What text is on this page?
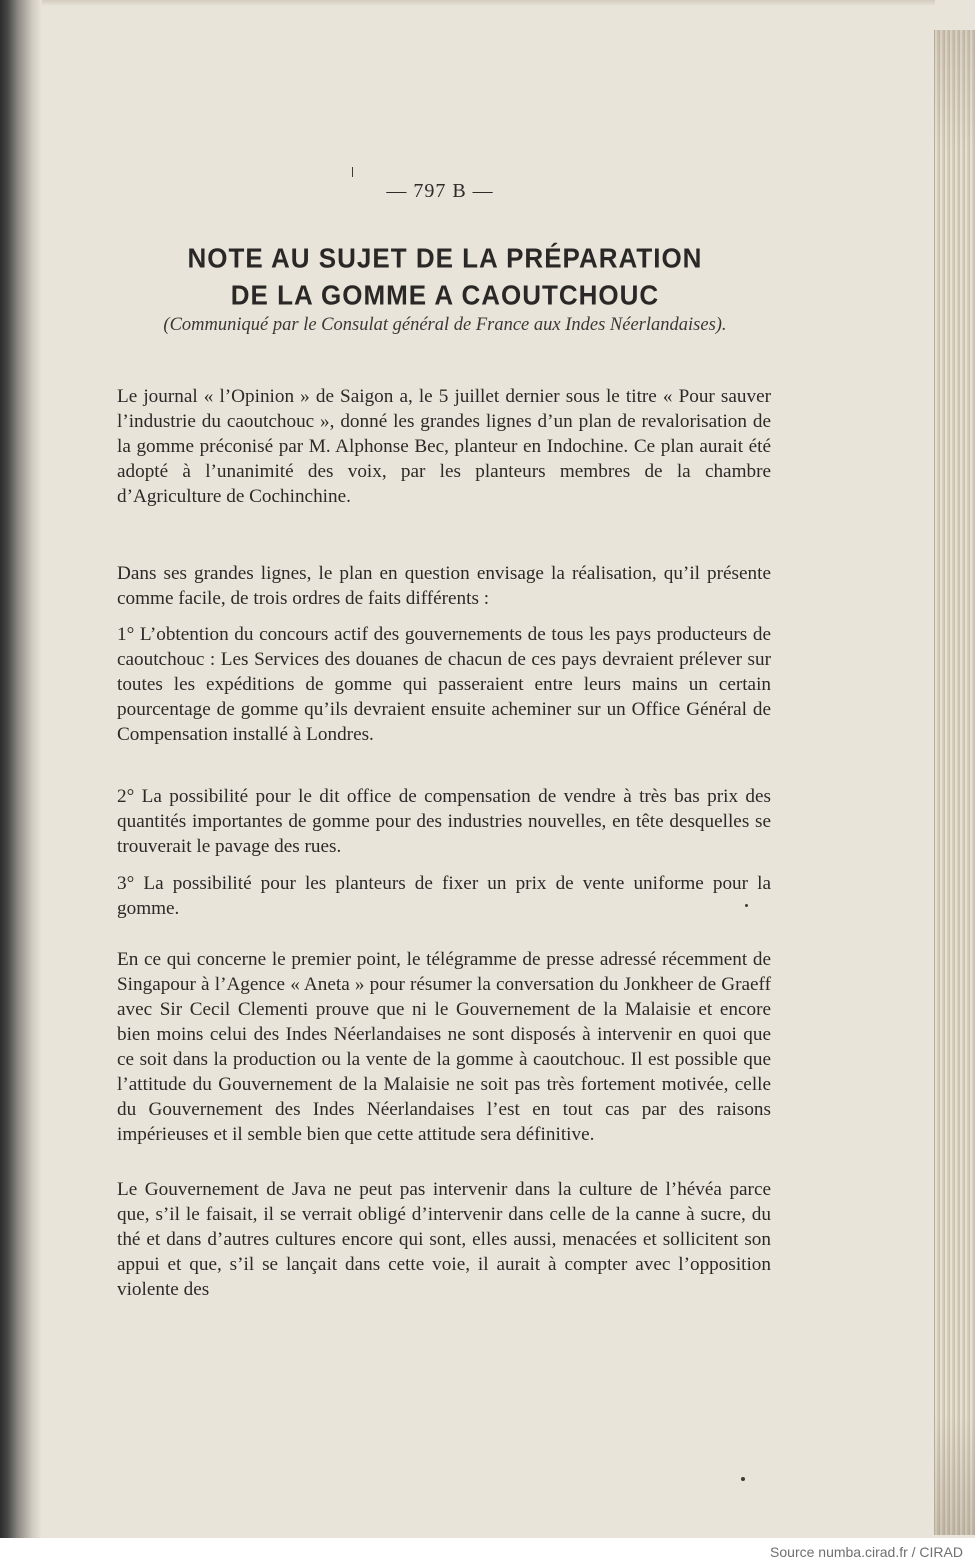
— 797 B —
NOTE AU SUJET DE LA PRÉPARATION
DE LA GOMME A CAOUTCHOUC

(Communiqué par le Consulat général de France aux Indes Néerlandaises).

Le journal « l’Opinion » de Saigon a, le 5 juillet dernier sous le titre « Pour sauver l’industrie du caoutchouc », donné les grandes lignes d’un plan de revalorisation de la gomme préconisé par M. Alphonse Bec, planteur en Indochine. Ce plan aurait été adopté à l’unanimité des voix, par les planteurs membres de la chambre d’Agriculture de Cochinchine.

Dans ses grandes lignes, le plan en question envisage la réalisation, qu’il présente comme facile, de trois ordres de faits différents :

1° L’obtention du concours actif des gouvernements de tous les pays producteurs de caoutchouc : Les Services des douanes de chacun de ces pays devraient prélever sur toutes les expéditions de gomme qui passeraient entre leurs mains un certain pourcentage de gomme qu’ils devraient ensuite acheminer sur un Office Général de Compensation installé à Londres.

2° La possibilité pour le dit office de compensation de vendre à très bas prix des quantités importantes de gomme pour des industries nouvelles, en tête desquelles se trouverait le pavage des rues.

3° La possibilité pour les planteurs de fixer un prix de vente uniforme pour la gomme.

En ce qui concerne le premier point, le télégramme de presse adressé récemment de Singapour à l’Agence « Aneta » pour résumer la conversation du Jonkheer de Graeff avec Sir Cecil Clementi prouve que ni le Gouvernement de la Malaisie et encore bien moins celui des Indes Néerlandaises ne sont disposés à intervenir en quoi que ce soit dans la production ou la vente de la gomme à caoutchouc. Il est possible que l’attitude du Gouvernement de la Malaisie ne soit pas très fortement motivée, celle du Gouvernement des Indes Néerlandaises l’est en tout cas par des raisons impérieuses et il semble bien que cette attitude sera définitive.

Le Gouvernement de Java ne peut pas intervenir dans la culture de l’hévéa parce que, s’il le faisait, il se verrait obligé d’intervenir dans celle de la canne à sucre, du thé et dans d’autres cultures encore qui sont, elles aussi, menacées et sollicitent son appui et que, s’il se lançait dans cette voie, il aurait à compter avec l’opposition violente des

Source numba.cirad.fr / CIRAD
